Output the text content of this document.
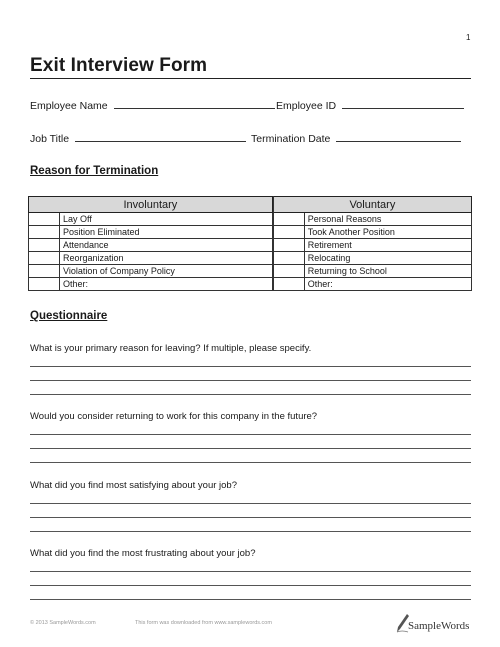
1
Exit Interview Form
Employee Name	Employee ID
Job Title	Termination Date
Reason for Termination
Involuntary		Voluntary	
	Lay Off			Personal Reasons
	Position Eliminated			Took Another Position
	Attendance			Retirement
	Reorganization			Relocating
	Violation of Company Policy			Returning to School
	Other:			Other:
Questionnaire
What is your primary reason for leaving? If multiple, please specify.
Would you consider returning to work for this company in the future?
What did you find most satisfying about your job?
What did you find the most frustrating about your job?
© 2013 SampleWords.com	This form was downloaded from www.samplewords.com	SampleWords
